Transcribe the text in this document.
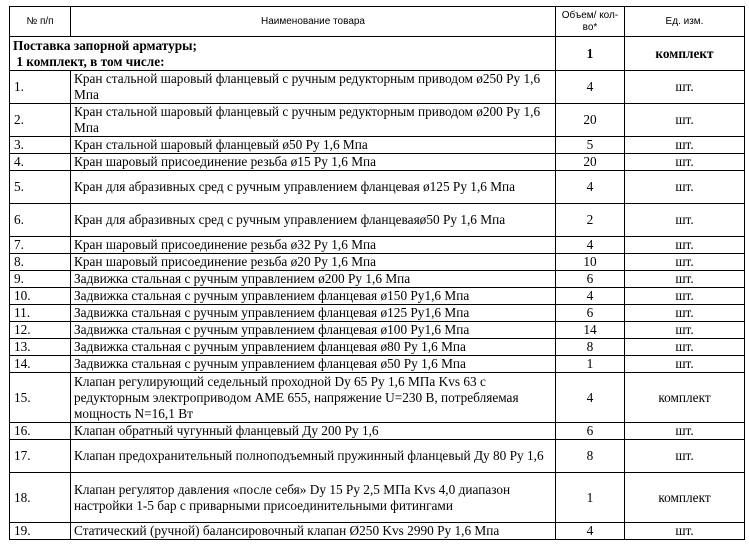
№ п/п	Наименование товара	Объем/ кол-во*	Ед. изм.

Поставка запорной арматуры;
1 комплект, в том числе:		1	комплект
1.	Кран стальной шаровый фланцевый с ручным редукторным приводом ø250 Ру 1,6 Мпа	4	шт.
2.	Кран стальной шаровый фланцевый с ручным редукторным приводом ø200 Ру 1,6 Мпа	20	шт.
3.	Кран стальной шаровый фланцевый ø50 Ру 1,6 Мпа	5	шт.
4.	Кран шаровый присоединение резьба ø15 Ру 1,6 Мпа	20	шт.
5.	Кран для абразивных сред с ручным управлением фланцевая ø125 Ру 1,6 Мпа	4	шт.
6.	Кран для абразивных сред с ручным управлением фланцеваяø50 Ру 1,6 Мпа	2	шт.
7.	Кран шаровый присоединение резьба ø32 Ру 1,6 Мпа	4	шт.
8.	Кран шаровый присоединение резьба ø20 Ру 1,6 Мпа	10	шт.
9.	Задвижка стальная с ручным управлением ø200 Ру 1,6 Мпа	6	шт.
10.	Задвижка стальная с ручным управлением фланцевая ø150 Ру1,6 Мпа	4	шт.
11.	Задвижка стальная с ручным управлением фланцевая ø125 Ру1,6 Мпа	6	шт.
12.	Задвижка стальная с ручным управлением фланцевая ø100 Ру1,6 Мпа	14	шт.
13.	Задвижка стальная с ручным управлением фланцевая ø80 Ру 1,6 Мпа	8	шт.
14.	Задвижка стальная с ручным управлением фланцевая ø50 Ру 1,6 Мпа	1	шт.
15.	Клапан регулирующий седельный проходной Dy 65 Ру 1,6 МПа Kvs 63 с редукторным электроприводом АМЕ 655, напряжение U=230 В, потребляемая мощность N=16,1 Вт	4	комплект
16.	Клапан обратный чугунный фланцевый Ду 200 Ру 1,6	6	шт.
17.	Клапан предохранительный полноподъемный пружинный фланцевый Ду 80 Ру 1,6	8	шт.
18.	Клапан регулятор давления «после себя» Dy 15 Ру 2,5 МПа Kvs 4,0 диапазон настройки 1-5 бар с приварными присоединительными фитингами	1	комплект
19.	Статический (ручной) балансировочный клапан Ø250 Kvs 2990 Ру 1,6 Мпа	4	шт.
